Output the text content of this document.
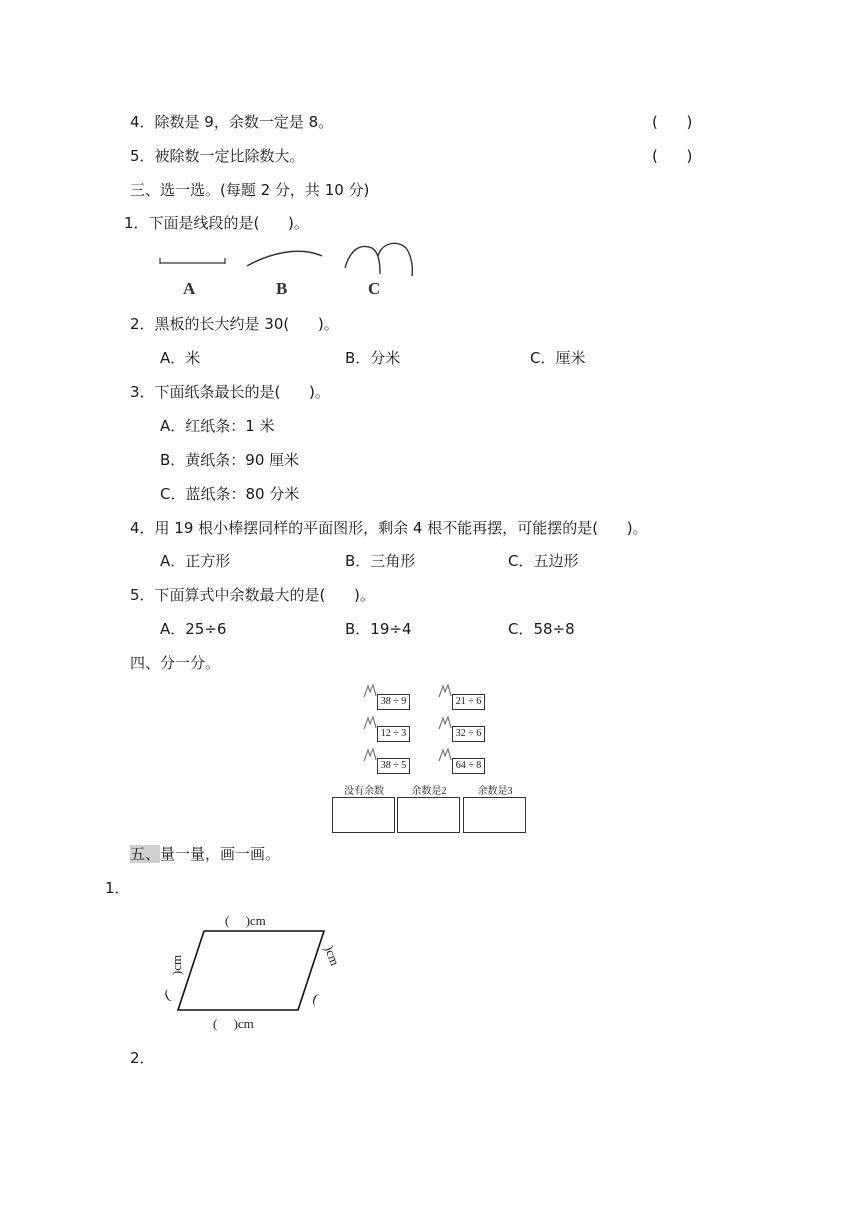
4．除数是 9，余数一定是 8。	(      )
5．被除数一定比除数大。	(      )
三、选一选。(每题 2 分，共 10 分)
1．下面是线段的是(      )。
A	B	C
2．黑板的长大约是 30(      )。
A．米	B．分米	C．厘米
3．下面纸条最长的是(      )。
A．红纸条：1 米
B．黄纸条：90 厘米
C．蓝纸条：80 分米
4．用 19 根小棒摆同样的平面图形，剩余 4 根不能再摆，可能摆的是(      )。
A．正方形	B．三角形	C．五边形
5．下面算式中余数最大的是(      )。
A．25÷6	B．19÷4	C．58÷8
四、分一分。
38 ÷ 9
12 ÷ 3
38 ÷ 5
21 ÷ 6
32 ÷ 6
64 ÷ 8
没有余数	余数是2	余数是3
五、量一量，画一画。
1．
(     )cm
(     )cm
)cm
(
)cm
(
2．
